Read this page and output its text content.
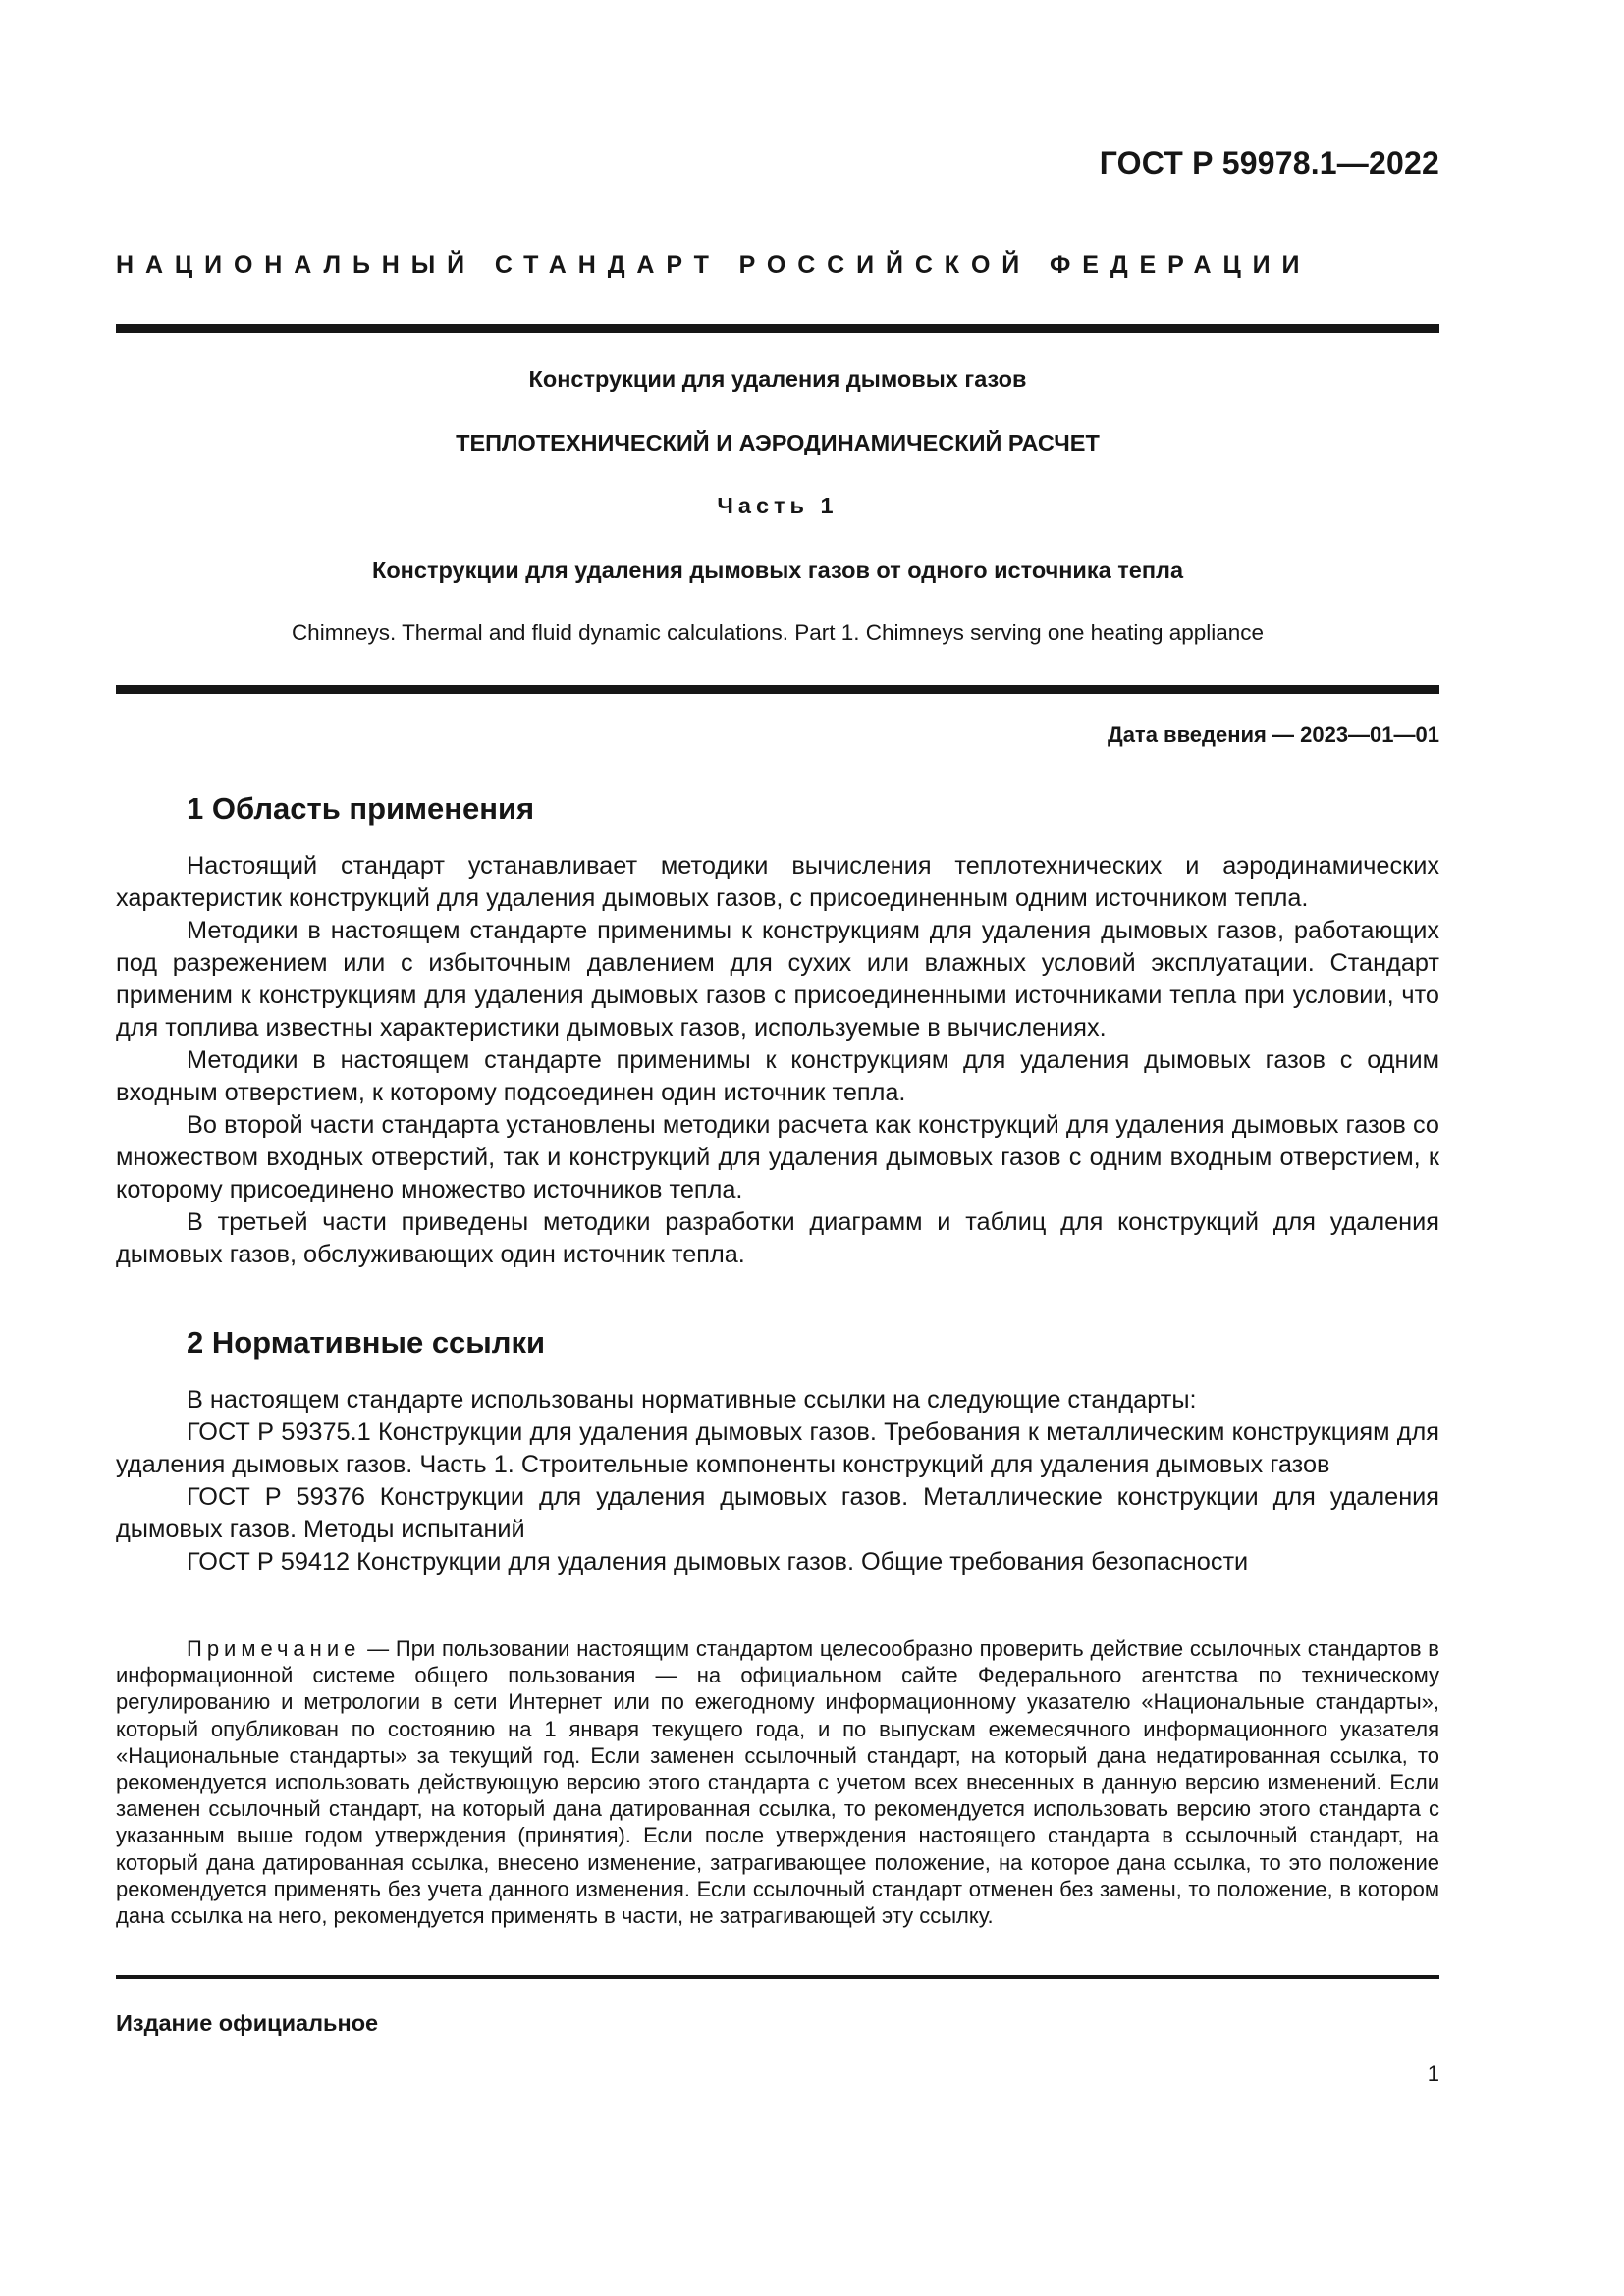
ГОСТ Р 59978.1—2022
НАЦИОНАЛЬНЫЙ СТАНДАРТ РОССИЙСКОЙ ФЕДЕРАЦИИ
Конструкции для удаления дымовых газов
ТЕПЛОТЕХНИЧЕСКИЙ И АЭРОДИНАМИЧЕСКИЙ РАСЧЕТ
Часть 1
Конструкции для удаления дымовых газов от одного источника тепла
Chimneys. Thermal and fluid dynamic calculations. Part 1. Chimneys serving one heating appliance
Дата введения — 2023—01—01
1 Область применения

Настоящий стандарт устанавливает методики вычисления теплотехнических и аэродинамических характеристик конструкций для удаления дымовых газов, с присоединенным одним источником тепла.

Методики в настоящем стандарте применимы к конструкциям для удаления дымовых газов, работающих под разрежением или с избыточным давлением для сухих или влажных условий эксплуатации. Стандарт применим к конструкциям для удаления дымовых газов с присоединенными источниками тепла при условии, что для топлива известны характеристики дымовых газов, используемые в вычислениях.

Методики в настоящем стандарте применимы к конструкциям для удаления дымовых газов с одним входным отверстием, к которому подсоединен один источник тепла.

Во второй части стандарта установлены методики расчета как конструкций для удаления дымовых газов со множеством входных отверстий, так и конструкций для удаления дымовых газов с одним входным отверстием, к которому присоединено множество источников тепла.

В третьей части приведены методики разработки диаграмм и таблиц для конструкций для удаления дымовых газов, обслуживающих один источник тепла.

2 Нормативные ссылки

В настоящем стандарте использованы нормативные ссылки на следующие стандарты:

ГОСТ Р 59375.1 Конструкции для удаления дымовых газов. Требования к металлическим конструкциям для удаления дымовых газов. Часть 1. Строительные компоненты конструкций для удаления дымовых газов

ГОСТ Р 59376 Конструкции для удаления дымовых газов. Металлические конструкции для удаления дымовых газов. Методы испытаний

ГОСТ Р 59412 Конструкции для удаления дымовых газов. Общие требования безопасности

Примечание — При пользовании настоящим стандартом целесообразно проверить действие ссылочных стандартов в информационной системе общего пользования — на официальном сайте Федерального агентства по техническому регулированию и метрологии в сети Интернет или по ежегодному информационному указателю «Национальные стандарты», который опубликован по состоянию на 1 января текущего года, и по выпускам ежемесячного информационного указателя «Национальные стандарты» за текущий год. Если заменен ссылочный стандарт, на который дана недатированная ссылка, то рекомендуется использовать действующую версию этого стандарта с учетом всех внесенных в данную версию изменений. Если заменен ссылочный стандарт, на который дана датированная ссылка, то рекомендуется использовать версию этого стандарта с указанным выше годом утверждения (принятия). Если после утверждения настоящего стандарта в ссылочный стандарт, на который дана датированная ссылка, внесено изменение, затрагивающее положение, на которое дана ссылка, то это положение рекомендуется применять без учета данного изменения. Если ссылочный стандарт отменен без замены, то положение, в котором дана ссылка на него, рекомендуется применять в части, не затрагивающей эту ссылку.

Издание официальное
1
